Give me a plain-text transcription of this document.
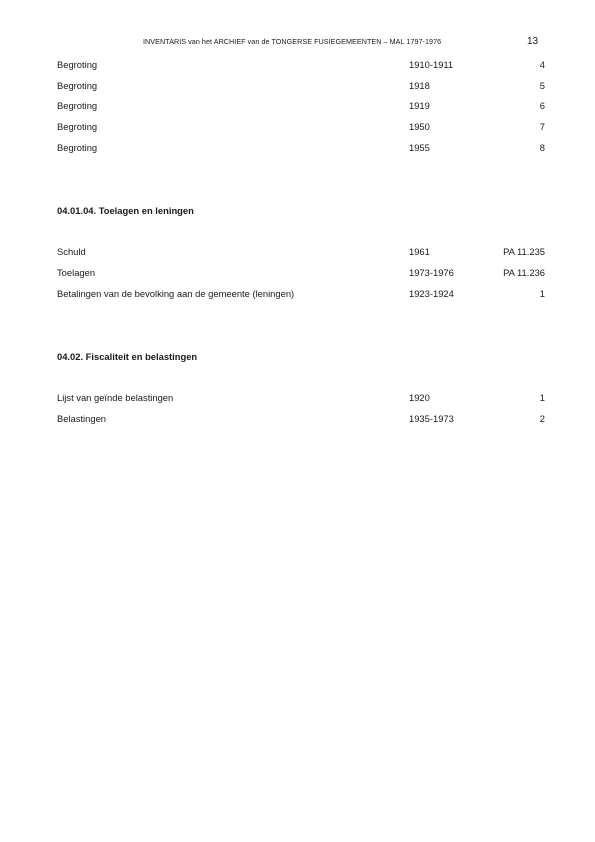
INVENTARIS van het ARCHIEF van de TONGERSE FUSIEGEMEENTEN – MAL 1797-1976	13
Begroting	1910-1911	4
Begroting	1918	5
Begroting	1919	6
Begroting	1950	7
Begroting	1955	8
04.01.04. Toelagen en leningen
Schuld	1961	PA 11.235
Toelagen	1973-1976	PA 11.236
Betalingen van de bevolking aan de gemeente (leningen)	1923-1924	1
04.02. Fiscaliteit en belastingen
Lijst van geïnde belastingen	1920	1
Belastingen	1935-1973	2
